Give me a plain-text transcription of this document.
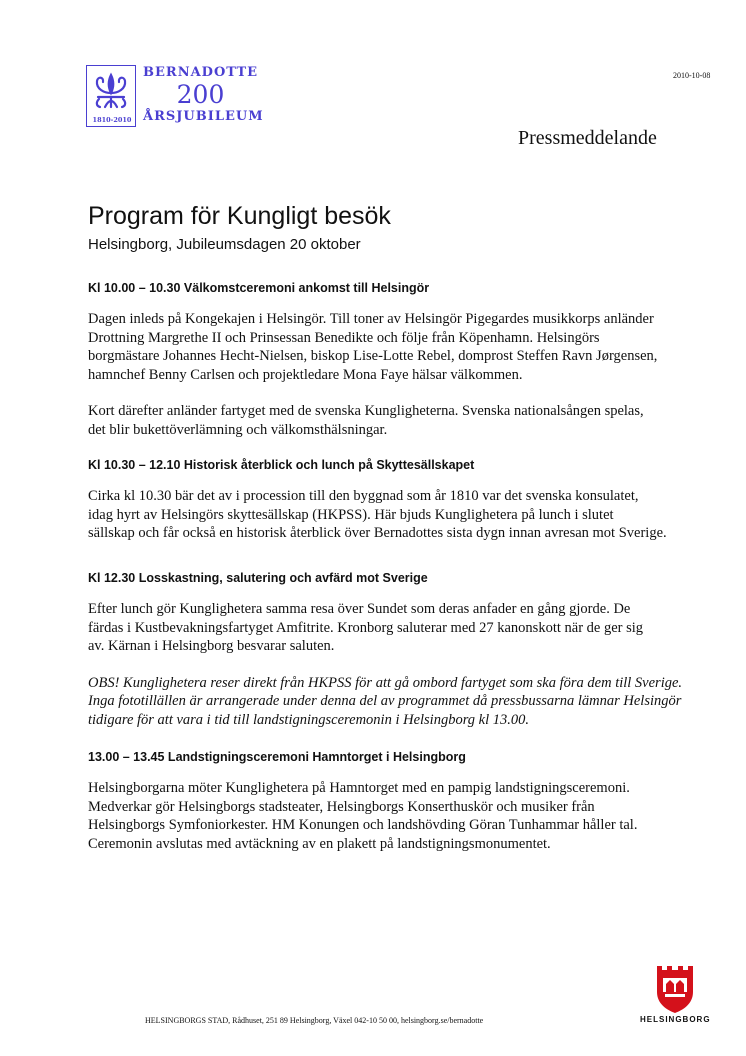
1810-2010
BERNADOTTE
200
ÅRSJUBILEUM
2010-10-08
Pressmeddelande
Program för Kungligt besök
Helsingborg, Jubileumsdagen 20 oktober

Kl 10.00 – 10.30 Välkomstceremoni ankomst till Helsingör

Dagen inleds på Kongekajen i Helsingör. Till toner av Helsingör Pigegardes musikkorps anländer
Drottning Margrethe II och Prinsessan Benedikte och följe från Köpenhamn. Helsingörs
borgmästare Johannes Hecht-Nielsen, biskop Lise-Lotte Rebel, domprost Steffen Ravn Jørgensen,
hamnchef Benny Carlsen och projektledare Mona Faye hälsar välkommen.

Kort därefter anländer fartyget med de svenska Kungligheterna. Svenska nationalsången spelas,
det blir bukettöverlämning och välkomsthälsningar.

Kl 10.30 – 12.10 Historisk återblick och lunch på Skyttesällskapet

Cirka kl 10.30 bär det av i procession till den byggnad som år 1810 var det svenska konsulatet,
idag hyrt av Helsingörs skyttesällskap (HKPSS). Här bjuds Kunglighetera på lunch i slutet
sällskap och får också en historisk återblick över Bernadottes sista dygn innan avresan mot Sverige.

Kl 12.30 Losskastning, salutering och avfärd mot Sverige

Efter lunch gör Kunglighetera samma resa över Sundet som deras anfader en gång gjorde. De
färdas i Kustbevakningsfartyget Amfitrite. Kronborg saluterar med 27 kanonskott när de ger sig
av. Kärnan i Helsingborg besvarar saluten.

OBS! Kunglighetera reser direkt från HKPSS för att gå ombord fartyget som ska föra dem till Sverige.
Inga fototillällen är arrangerade under denna del av programmet då pressbussarna lämnar Helsingör
tidigare för att vara i tid till landstigningsceremonin i Helsingborg kl 13.00.

13.00 – 13.45 Landstigningsceremoni Hamntorget i Helsingborg

Helsingborgarna möter Kunglighetera på Hamntorget med en pampig landstigningsceremoni.
Medverkar gör Helsingborgs stadsteater, Helsingborgs Konserthuskör och musiker från
Helsingborgs Symfoniorkester. HM Konungen och landshövding Göran Tunhammar håller tal.
Ceremonin avslutas med avtäckning av en plakett på landstigningsmonumentet.

HELSINGBORGS STAD, Rådhuset, 251 89 Helsingborg, Växel 042-10 50 00, helsingborg.se/bernadotte	HELSINGBORG
